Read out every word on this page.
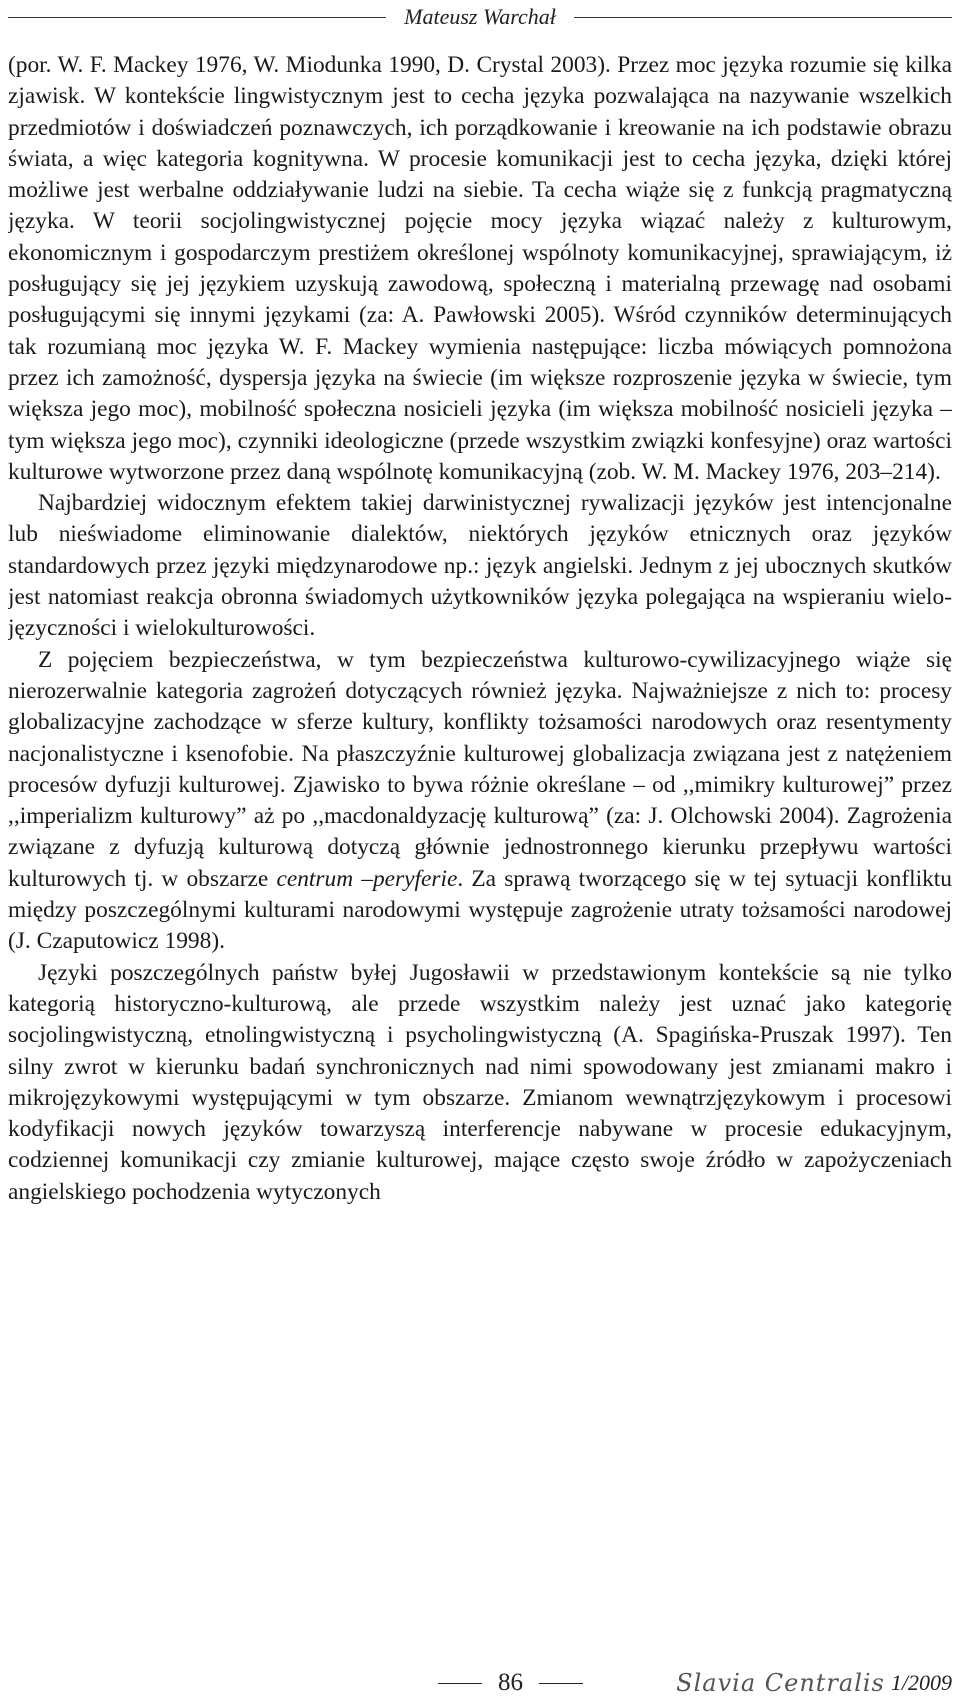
Mateusz Warchał

(por. W. F. Mackey 1976, W. Miodunka 1990, D. Crystal 2003). Przez moc języka rozumie się kilka zjawisk. W kontekście lingwistycznym jest to cecha języka pozwalająca na nazywanie wszelkich przedmiotów i doświadczeń poznawczych, ich porządkowanie i kreowanie na ich podstawie obrazu świata, a więc kategoria kognitywna. W procesie komunikacji jest to cecha języka, dzięki której możliwe jest werbalne oddziaływanie ludzi na siebie. Ta cecha wiąże się z funkcją pragmatyczną języka. W teorii socjolingwistycznej pojęcie mocy języka wiązać należy z kulturowym, ekonomicznym i gospodarczym prestiżem określonej wspólnoty komunikacyjnej, sprawiającym, iż posługujący się jej językiem uzyskują zawodową, społeczną i materialną przewagę nad osobami posługującymi się innymi językami (za: A. Pawłowski 2005). Wśród czynników determinujących tak rozumianą moc języka W. F. Mackey wymienia następujące: liczba mówiących pomnożona przez ich zamożność, dyspersja języka na świecie (im większe rozproszenie języka w świecie, tym większa jego moc), mobilność społeczna nosicieli języka (im większa mobilność nosicieli języka – tym większa jego moc), czynniki ideologiczne (przede wszystkim związki konfesyjne) oraz wartości kulturowe wytworzone przez daną wspólnotę komunikacyjną (zob. W. M. Mackey 1976, 203–214).

Najbardziej widocznym efektem takiej darwinistycznej rywalizacji języków jest intencjonalne lub nieświadome eliminowanie dialektów, niektórych języków etnicznych oraz języków standardowych przez języki międzynarodowe np.: język angielski. Jednym z jej ubocznych skutków jest natomiast reakcja obronna świadomych użytkowników języka polegająca na wspieraniu wielojęzyczności i wielokulturowości.

Z pojęciem bezpieczeństwa, w tym bezpieczeństwa kulturowo-cywilizacyjnego wiąże się nierozerwalnie kategoria zagrożeń dotyczących również języka. Najważniejsze z nich to: procesy globalizacyjne zachodzące w sferze kultury, konflikty tożsamości narodowych oraz resentymenty nacjonalistyczne i ksenofobie. Na płaszczyźnie kulturowej globalizacja związana jest z natężeniem procesów dyfuzji kulturowej. Zjawisko to bywa różnie określane – od ,,mimikry kulturowej” przez ,,imperializm kulturowy” aż po ,,macdonaldyzację kulturową” (za: J. Olchowski 2004). Zagrożenia związane z dyfuzją kulturową dotyczą głównie jednostronnego kierunku przepływu wartości kulturowych tj. w obszarze centrum –peryferie. Za sprawą tworzącego się w tej sytuacji konfliktu między poszczególnymi kulturami narodowymi występuje zagrożenie utraty tożsamości narodowej (J. Czaputowicz 1998).

Języki poszczególnych państw byłej Jugosławii w przedstawionym kontekście są nie tylko kategorią historyczno-kulturową, ale przede wszystkim należy jest uznać jako kategorię socjolingwistyczną, etnolingwistyczną i psycholingwistyczną (A. Spagińska-Pruszak 1997). Ten silny zwrot w kierunku badań synchronicznych nad nimi spowodowany jest zmianami makro i mikrojęzykowymi występującymi w tym obszarze. Zmianom wewnątrzjęzykowym i procesowi kodyfikacji nowych języków towarzyszą interferencje nabywane w procesie edukacyjnym, codziennej komunikacji czy zmianie kulturowej, mające często swoje źródło w zapożyczeniach angielskiego pochodzenia wytyczonych

86	Slavia Centralis 1/2009
